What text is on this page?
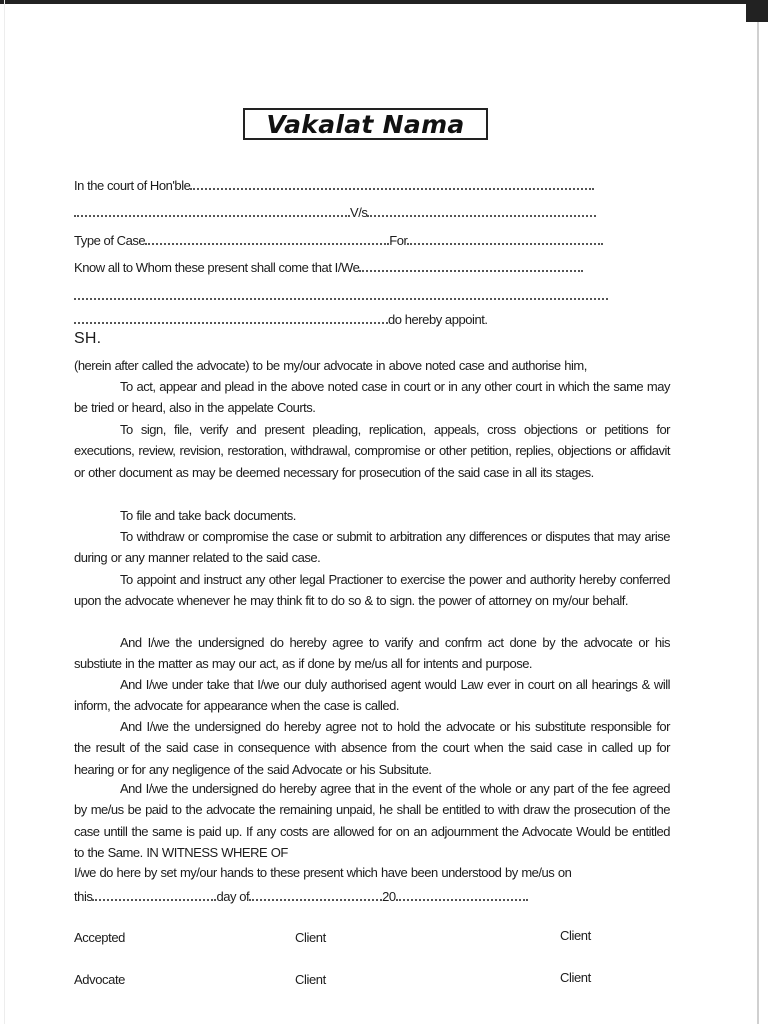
Vakalat Nama
In the court of Hon'ble
V/s
Type of Case	For
Know all to Whom these present shall come that I/We
do hereby appoint.
SH.
(herein after called the advocate) to be my/our advocate in above noted case and authorise him,
To act, appear and plead in the above noted case in court or in any other court in which the same may be tried or heard, also in the appelate Courts.
To sign, file, verify and present pleading, replication, appeals, cross objections or petitions for executions, review, revision, restoration, withdrawal, compromise or other petition, replies, objections or affidavit or other document as may be deemed necessary for prosecution of the said case in all its stages.
To file and take back documents.
To withdraw or compromise the case or submit to arbitration any differences or disputes that may arise during or any manner related to the said case.
To appoint and instruct any other legal Practioner to exercise the power and authority hereby conferred upon the advocate whenever he may think fit to do so & to sign. the power of attorney on my/our behalf.
And I/we the undersigned do hereby agree to varify and confrm act done by the advocate or his substiute in the matter as may our act, as if done by me/us all for intents and purpose.
And I/we under take that I/we our duly authorised agent would Law ever in court on all hearings & will inform, the advocate for appearance when the case is called.
And I/we the undersigned do hereby agree not to hold the advocate or his substitute responsible for the result of the said case in consequence with absence from the court when the said case in called up for hearing or for any negligence of the said Advocate or his Subsitute.
And I/we the undersigned do hereby agree that in the event of the whole or any part of the fee agreed by me/us be paid to the advocate the remaining unpaid, he shall be entitled to with draw the prosecution of the case untill the same is paid up. If any costs are allowed for on an adjournment the Advocate Would be entitled to the Same. IN WITNESS WHERE OF
I/we do here by set my/our hands to these present which have been understood by me/us on
this	day of	20
Accepted	Client	Client
Advocate	Client	Client
